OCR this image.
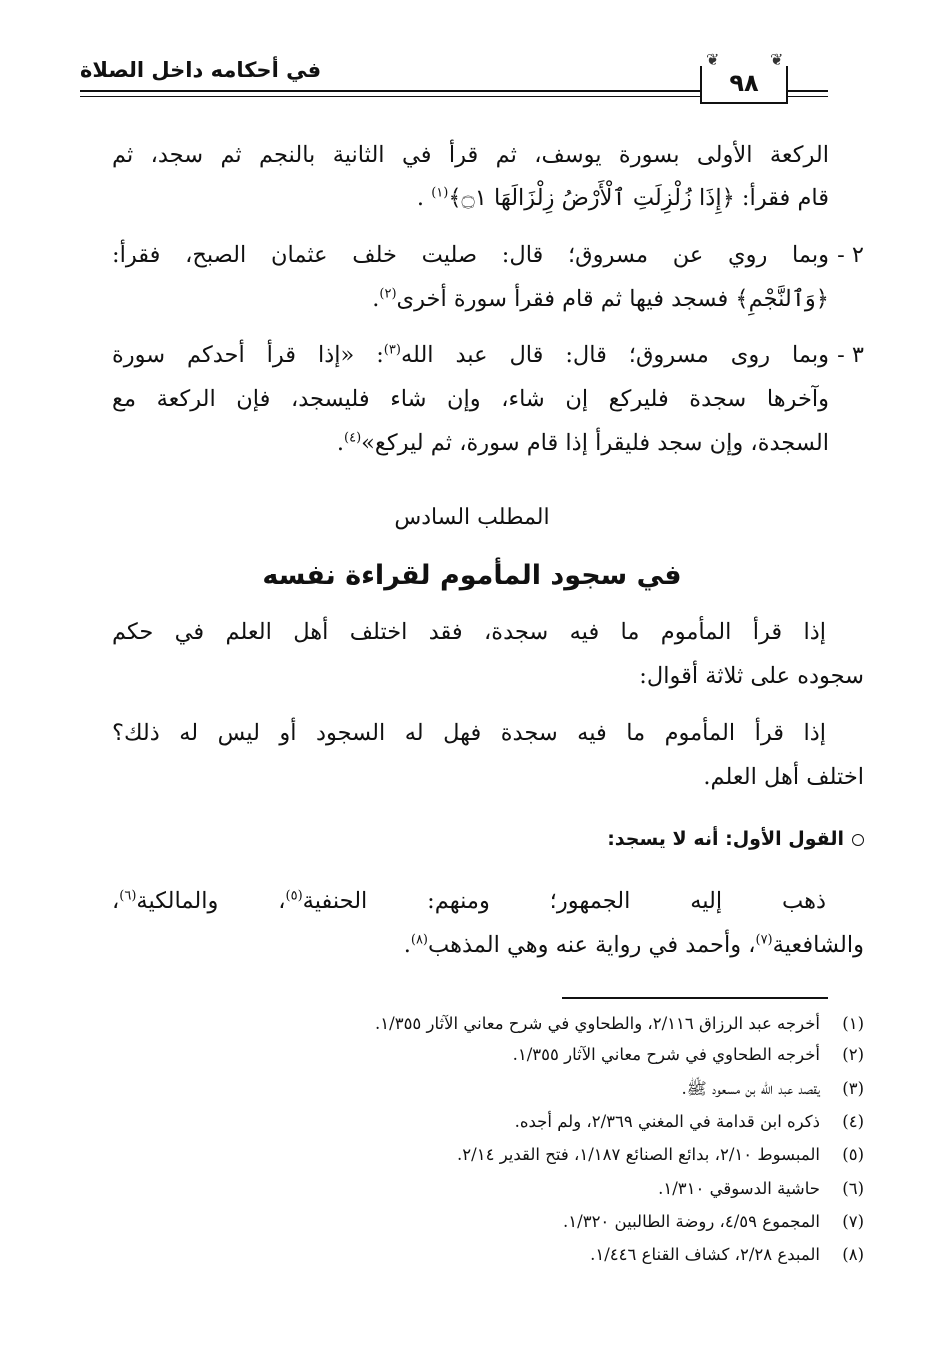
في أحكامه داخل الصلاة	❦	❦
٩٨
الركعة الأولى بسورة يوسف، ثم قرأ في الثانية بالنجم ثم سجد، ثم
قام فقرأ: ﴿إِذَا زُلْزِلَتِ ٱلْأَرْضُ زِلْزَالَهَا ۝١﴾$^{(١)}$ .
٢ -
وبما روي عن مسروق؛ قال: صليت خلف عثمان الصبح، فقرأ:
﴿وَٱلنَّجْمِ﴾ فسجد فيها ثم قام فقرأ سورة أخرى$^{(٢)}$.
٣ -
وبما روى مسروق؛ قال: قال عبد الله$^{(٣)}$: «إذا قرأ أحدكم سورة
وآخرها سجدة فليركع إن شاء، وإن شاء فليسجد، فإن الركعة مع
السجدة، وإن سجد فليقرأ إذا قام سورة، ثم ليركع»$^{(٤)}$.
المطلب السادس
في سجود المأموم لقراءة نفسه
إذا قرأ المأموم ما فيه سجدة، فقد اختلف أهل العلم في حكم
سجوده على ثلاثة أقوال:
إذا قرأ المأموم ما فيه سجدة فهل له السجود أو ليس له ذلك؟
اختلف أهل العلم.
القول الأول: أنه لا يسجد:
ذهب إليه الجمهور؛ ومنهم: الحنفية$^{(٥)}$، والمالكية$^{(٦)}$،
والشافعية$^{(٧)}$، وأحمد في رواية عنه وهي المذهب$^{(٨)}$.
(١)أخرجه عبد الرزاق ٢/١١٦، والطحاوي في شرح معاني الآثار ١/٣٥٥.
(٢)أخرجه الطحاوي في شرح معاني الآثار ١/٣٥٥.
(٣)يقصد عبد الله بن مسعود ﷺ.
(٤)ذكره ابن قدامة في المغني ٢/٣٦٩، ولم أجده.
(٥)المبسوط ٢/١٠، بدائع الصنائع ١/١٨٧، فتح القدير ٢/١٤.
(٦)حاشية الدسوقي ١/٣١٠.
(٧)المجموع ٤/٥٩، روضة الطالبين ١/٣٢٠.
(٨)المبدع ٢/٢٨، كشاف القناع ١/٤٤٦.
